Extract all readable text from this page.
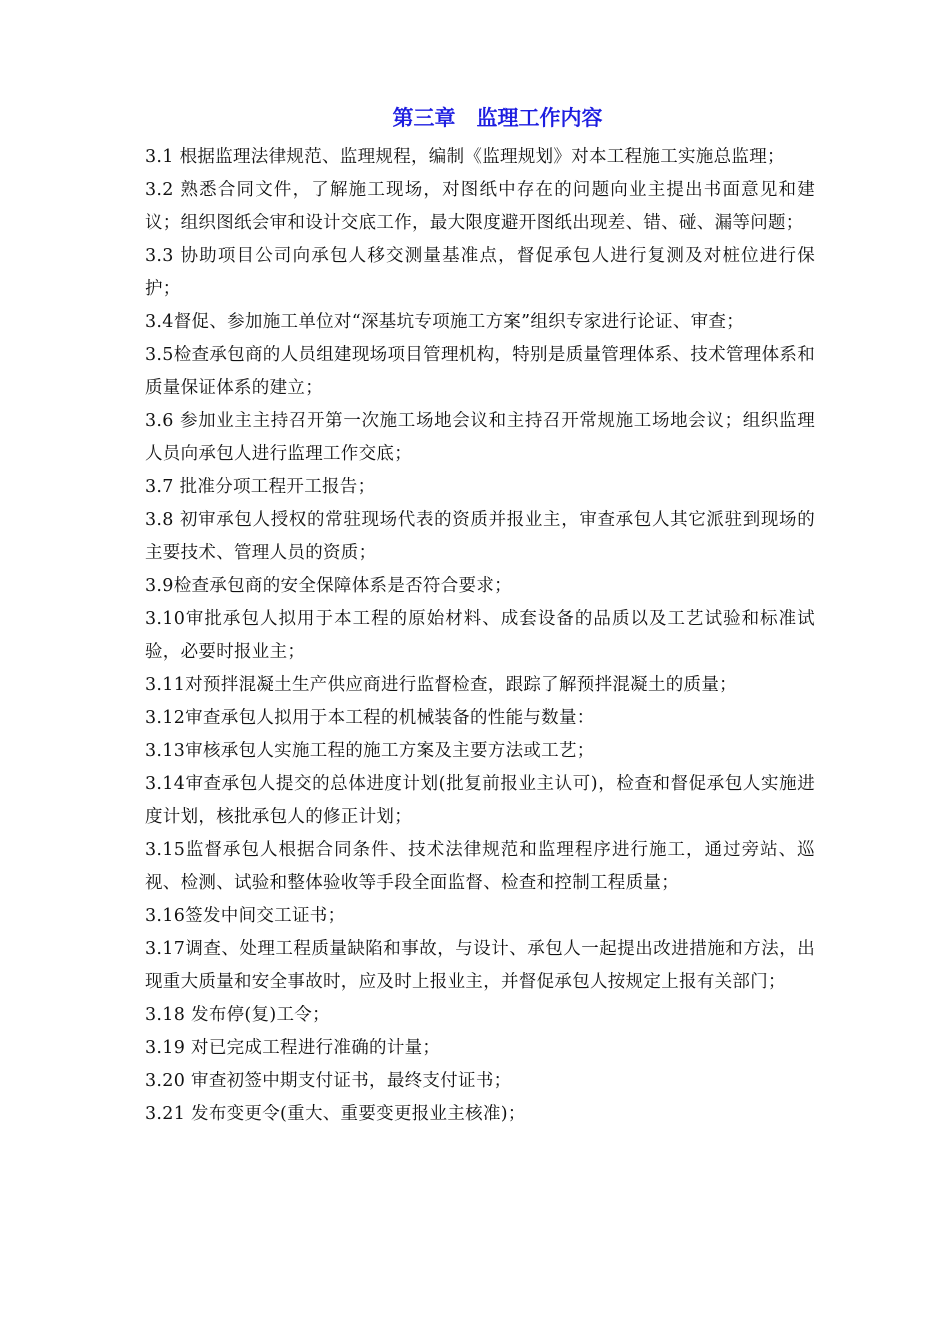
第三章　监理工作内容

3.1 根据监理法律规范、监理规程，编制《监理规划》对本工程施工实施总监理；

3.2 熟悉合同文件，了解施工现场，对图纸中存在的问题向业主提出书面意见和建议；组织图纸会审和设计交底工作，最大限度避开图纸出现差、错、碰、漏等问题；

3.3 协助项目公司向承包人移交测量基准点，督促承包人进行复测及对桩位进行保护；

3.4督促、参加施工单位对“深基坑专项施工方案”组织专家进行论证、审查；

3.5检查承包商的人员组建现场项目管理机构，特别是质量管理体系、技术管理体系和质量保证体系的建立；

3.6 参加业主主持召开第一次施工场地会议和主持召开常规施工场地会议；组织监理人员向承包人进行监理工作交底；

3.7 批准分项工程开工报告；

3.8 初审承包人授权的常驻现场代表的资质并报业主，审查承包人其它派驻到现场的主要技术、管理人员的资质；

3.9检查承包商的安全保障体系是否符合要求；

3.10审批承包人拟用于本工程的原始材料、成套设备的品质以及工艺试验和标准试验，必要时报业主；

3.11对预拌混凝土生产供应商进行监督检查，跟踪了解预拌混凝土的质量；

3.12审查承包人拟用于本工程的机械装备的性能与数量：

3.13审核承包人实施工程的施工方案及主要方法或工艺；

3.14审查承包人提交的总体进度计划(批复前报业主认可)，检查和督促承包人实施进度计划，核批承包人的修正计划；

3.15监督承包人根据合同条件、技术法律规范和监理程序进行施工，通过旁站、巡视、检测、试验和整体验收等手段全面监督、检查和控制工程质量；

3.16签发中间交工证书；

3.17调查、处理工程质量缺陷和事故，与设计、承包人一起提出改进措施和方法，出现重大质量和安全事故时，应及时上报业主，并督促承包人按规定上报有关部门；

3.18 发布停(复)工令；

3.19 对已完成工程进行准确的计量；

3.20 审查初签中期支付证书，最终支付证书；

3.21 发布变更令(重大、重要变更报业主核准)；
